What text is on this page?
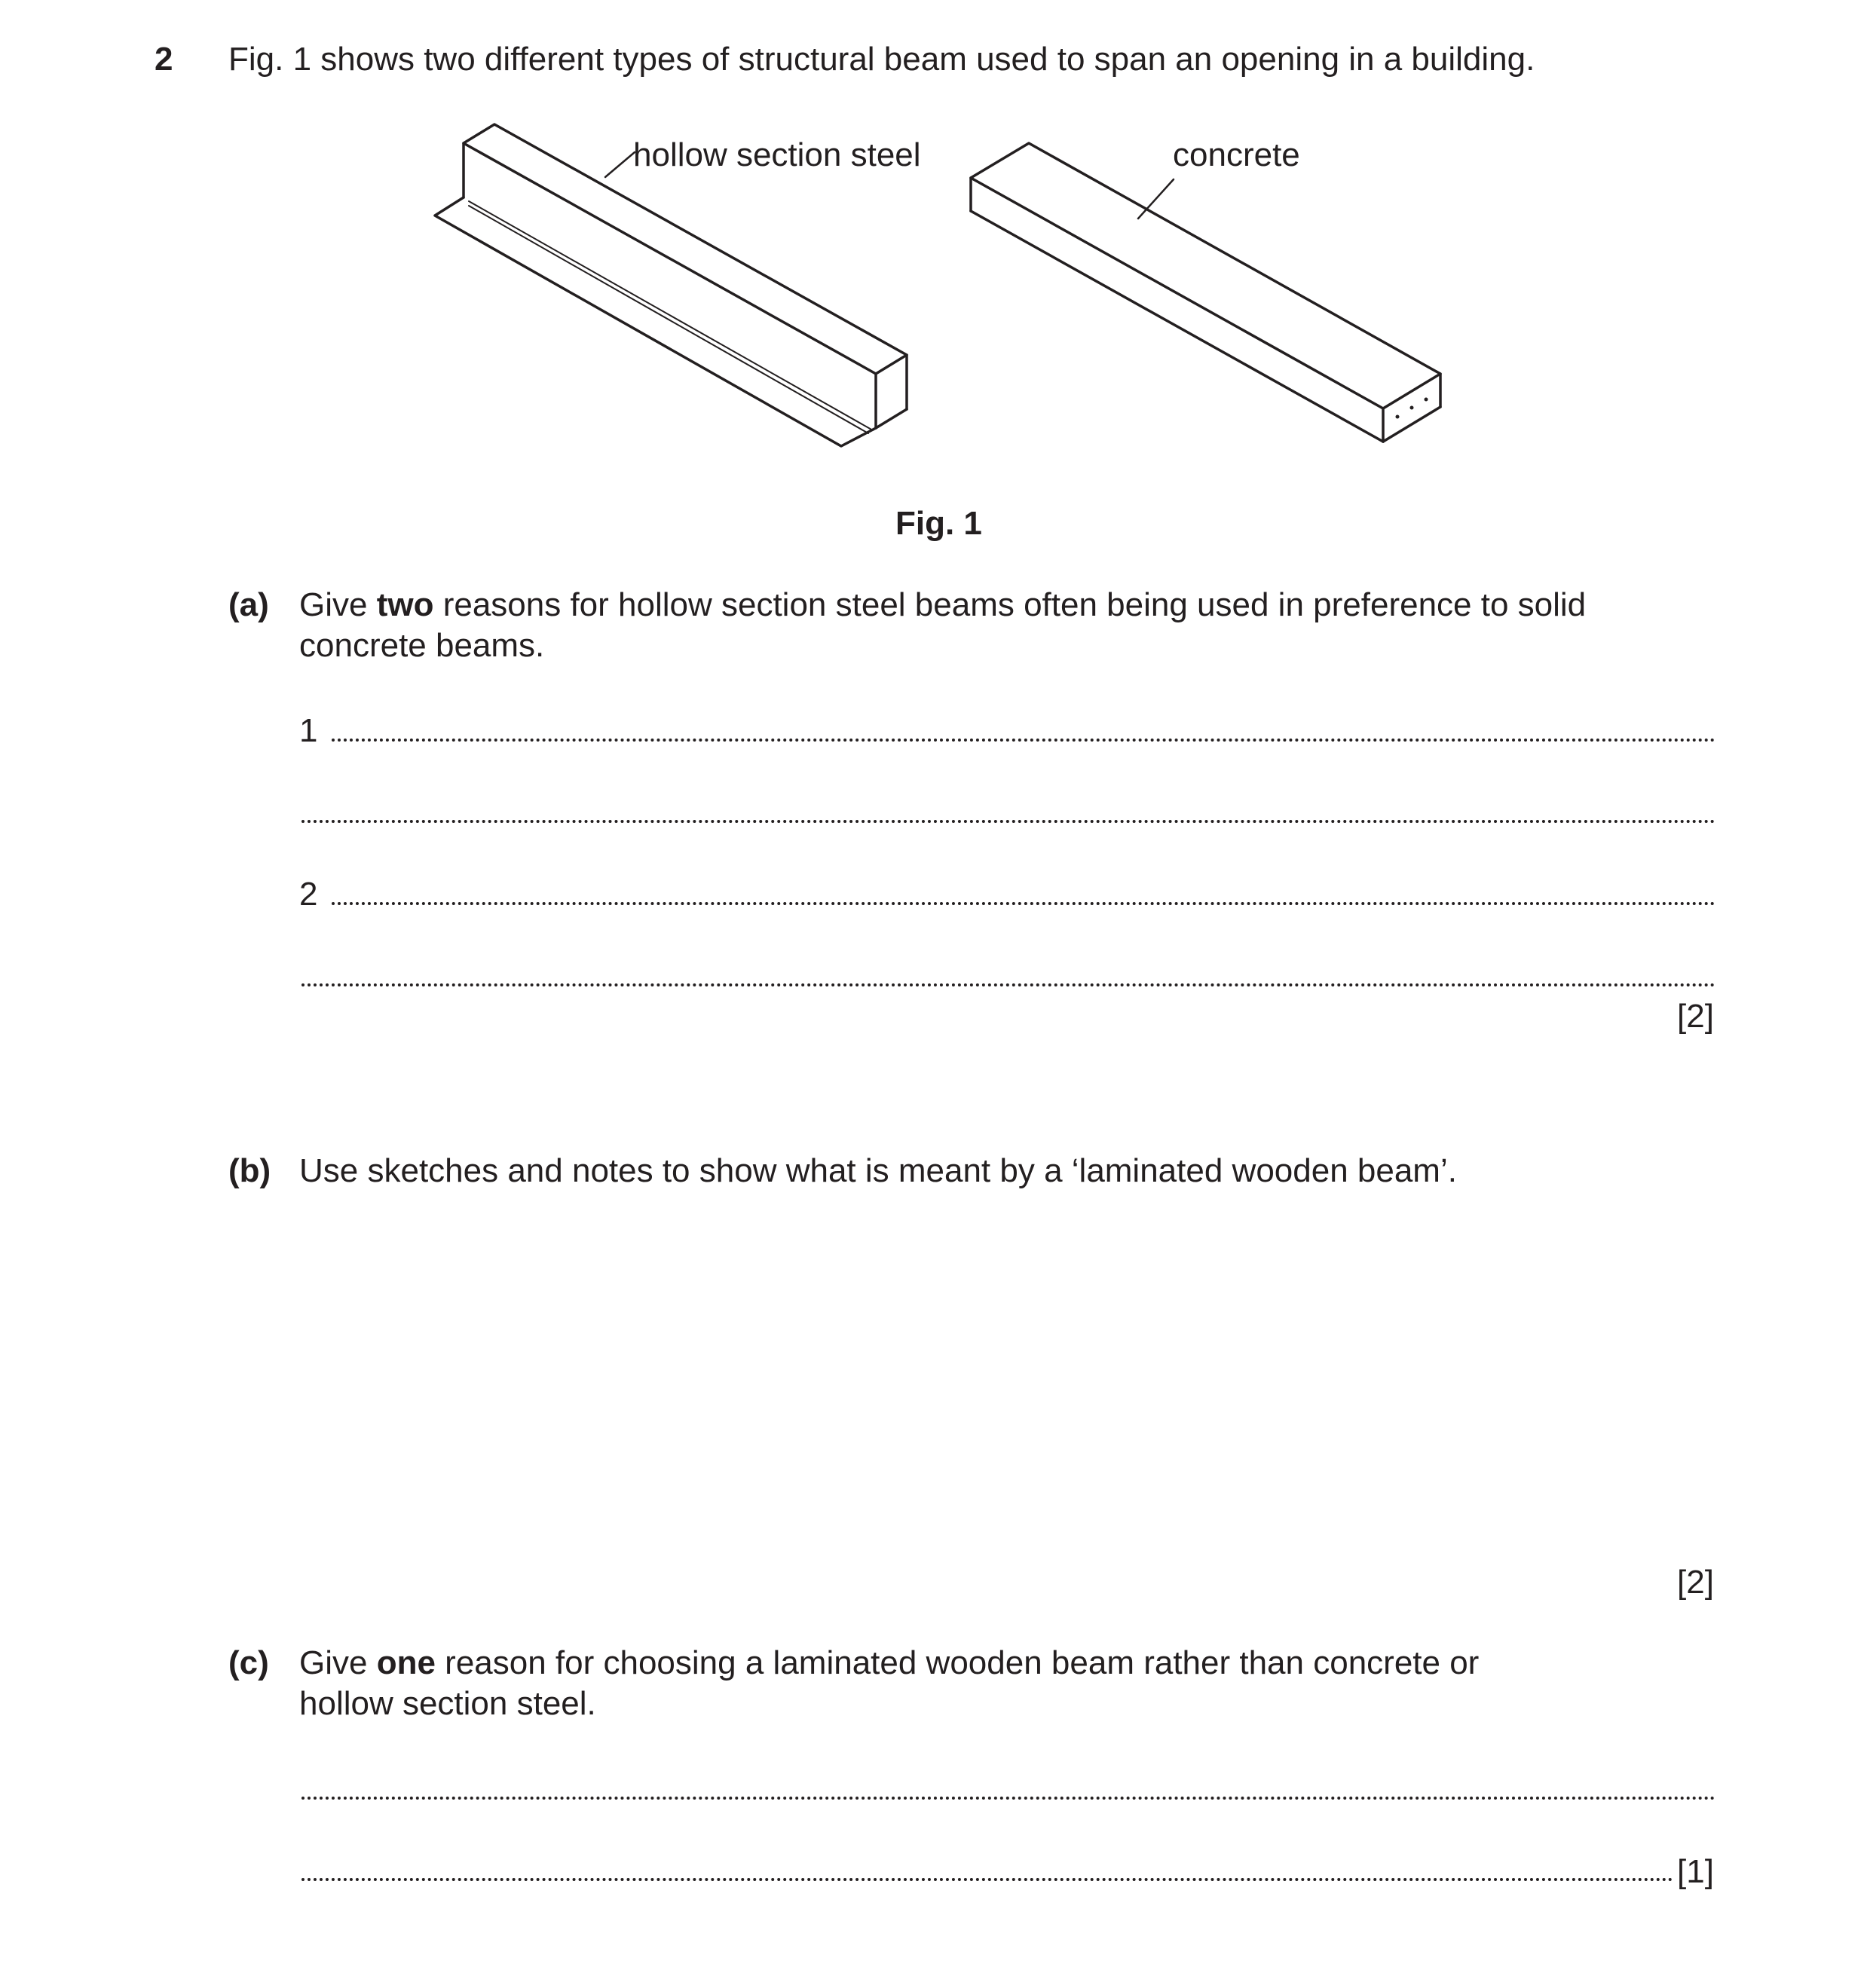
2 Fig. 1 shows two different types of structural beam used to span an opening in a building.
hollow section steel	concrete
Fig. 1
(a) Give two reasons for hollow section steel beams often being used in preference to solid
concrete beams.
1
2
[2]
(b) Use sketches and notes to show what is meant by a ‘laminated wooden beam’.
[2]
(c) Give one reason for choosing a laminated wooden beam rather than concrete or
hollow section steel.
[1]
